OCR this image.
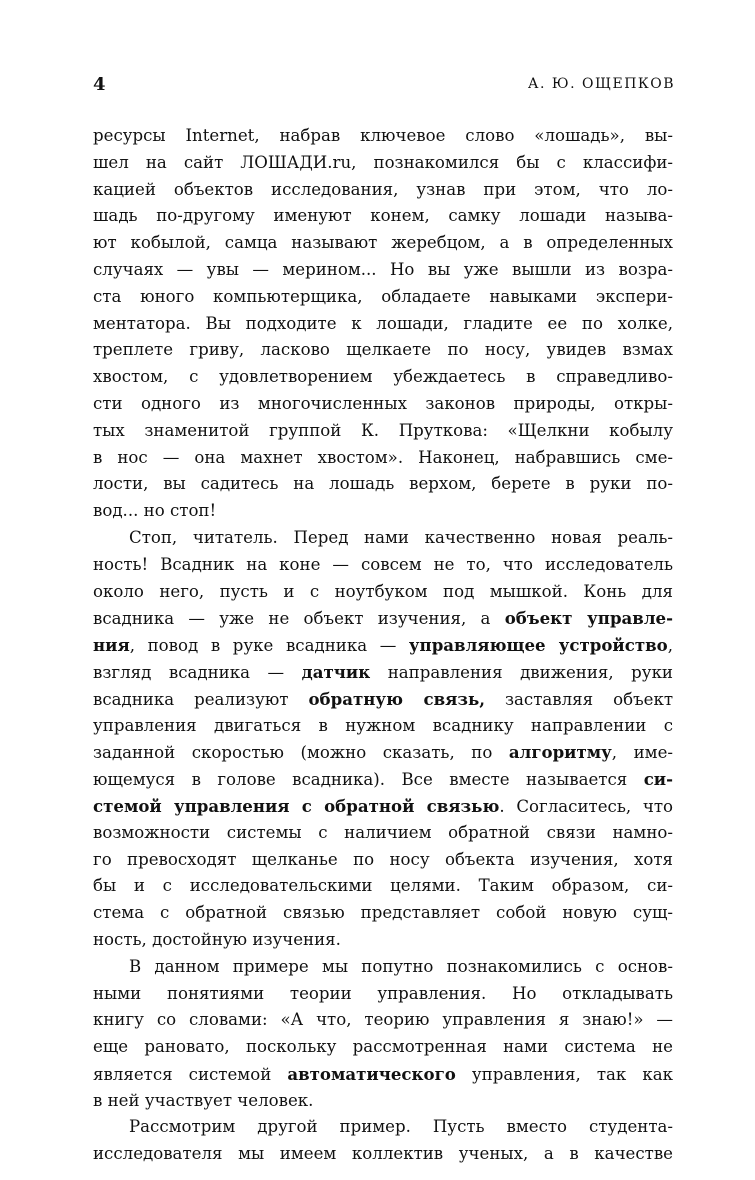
4	А. Ю. ОЩЕПКОВ
ресурсы Internet, набрав ключевое слово «лошадь», вы-
шел на сайт ЛОШАДИ.ru, познакомился бы с классифи-
кацией объектов исследования, узнав при этом, что ло-
шадь по-другому именуют конем, самку лошади называ-
ют кобылой, самца называют жеребцом, а в определенных
случаях — увы — мерином... Но вы уже вышли из возра-
ста юного компьютерщика, обладаете навыками экспери-
ментатора. Вы подходите к лошади, гладите ее по холке,
треплете гриву, ласково щелкаете по носу, увидев взмах
хвостом, с удовлетворением убеждаетесь в справедливо-
сти одного из многочисленных законов природы, откры-
тых знаменитой группой К. Пруткова: «Щелкни кобылу
в нос — она махнет хвостом». Наконец, набравшись сме-
лости, вы садитесь на лошадь верхом, берете в руки по-
вод... но стоп!
Стоп, читатель. Перед нами качественно новая реаль-
ность! Всадник на коне — совсем не то, что исследователь
около него, пусть и с ноутбуком под мышкой. Конь для
всадника — уже не объект изучения, а объект управле-
ния, повод в руке всадника — управляющее устройство,
взгляд всадника — датчик направления движения, руки
всадника реализуют обратную связь, заставляя объект
управления двигаться в нужном всаднику направлении с
заданной скоростью (можно сказать, по алгоритму, име-
ющемуся в голове всадника). Все вместе называется си-
стемой управления с обратной связью. Согласитесь, что
возможности системы с наличием обратной связи намно-
го превосходят щелканье по носу объекта изучения, хотя
бы и с исследовательскими целями. Таким образом, си-
стема с обратной связью представляет собой новую сущ-
ность, достойную изучения.
В данном примере мы попутно познакомились с основ-
ными понятиями теории управления. Но откладывать
книгу со словами: «А что, теорию управления я знаю!» —
еще рановато, поскольку рассмотренная нами система не
является системой автоматического управления, так как
в ней участвует человек.
Рассмотрим другой пример. Пусть вместо студента-
исследователя мы имеем коллектив ученых, а в качестве
